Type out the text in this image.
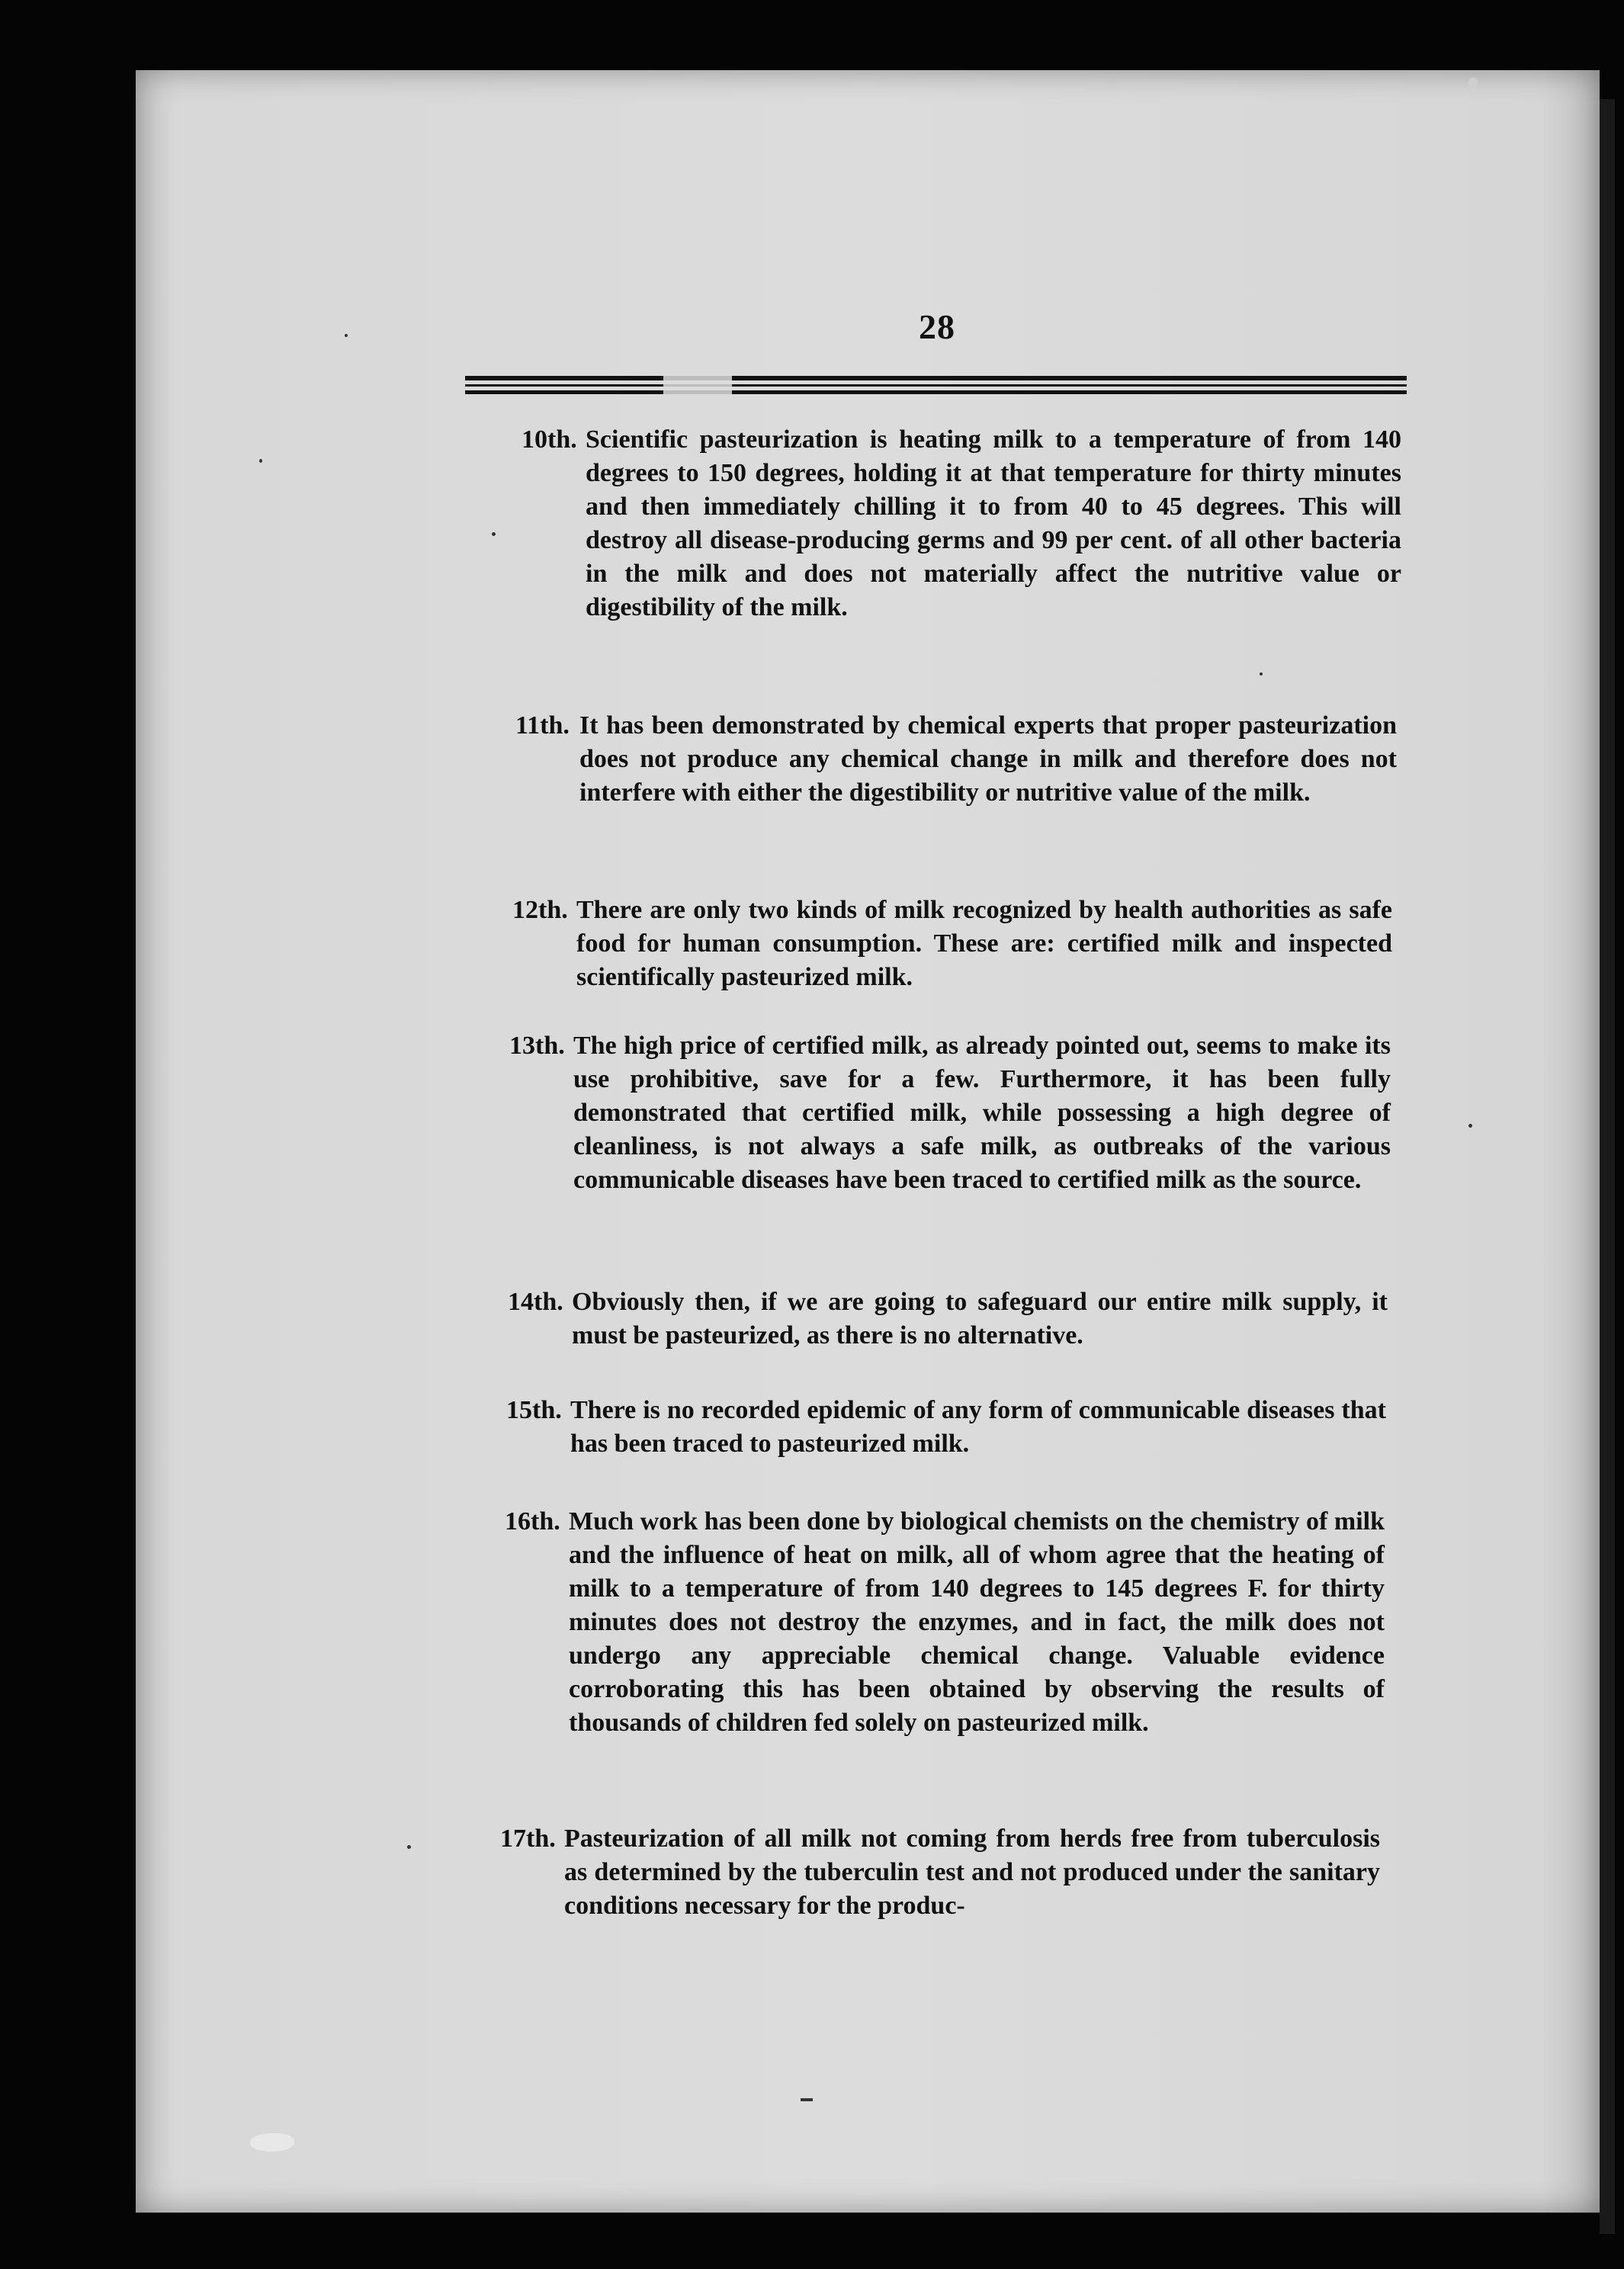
28
10th. Scientific pasteurization is heating milk to a temperature of from 140 degrees to 150 degrees, holding it at that temperature for thirty minutes and then immediately chilling it to from 40 to 45 degrees. This will destroy all disease-producing germs and 99 per cent. of all other bacteria in the milk and does not materially affect the nutritive value or digestibility of the milk.
11th. It has been demonstrated by chemical experts that proper pasteurization does not produce any chemical change in milk and therefore does not interfere with either the digestibility or nutritive value of the milk.
12th. There are only two kinds of milk recognized by health authorities as safe food for human consumption. These are: certified milk and inspected scientifically pasteurized milk.
13th. The high price of certified milk, as already pointed out, seems to make its use prohibitive, save for a few. Furthermore, it has been fully demonstrated that certified milk, while possessing a high degree of cleanliness, is not always a safe milk, as outbreaks of the various communicable diseases have been traced to certified milk as the source.
14th. Obviously then, if we are going to safeguard our entire milk supply, it must be pasteurized, as there is no alternative.
15th. There is no recorded epidemic of any form of communicable diseases that has been traced to pasteurized milk.
16th. Much work has been done by biological chemists on the chemistry of milk and the influence of heat on milk, all of whom agree that the heating of milk to a temperature of from 140 degrees to 145 degrees F. for thirty minutes does not destroy the enzymes, and in fact, the milk does not undergo any appreciable chemical change. Valuable evidence corroborating this has been obtained by observing the results of thousands of children fed solely on pasteurized milk.
17th. Pasteurization of all milk not coming from herds free from tuberculosis as determined by the tuberculin test and not produced under the sanitary conditions necessary for the produc-
